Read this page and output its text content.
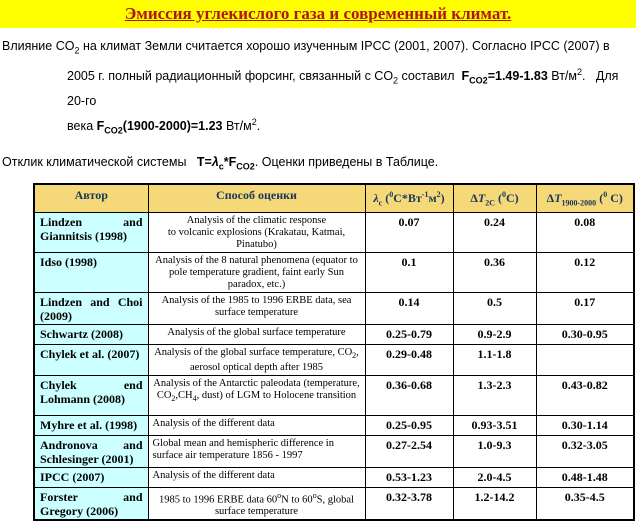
Эмиссия углекислого газа и современный климат.
Влияние $CO_2$ на климат Земли считается хорошо изученным IPCC (2001, 2007). Согласно IPCC (2007) в
2005 г. полный радиационный форсинг, связанный с $CO_2$ составил  $F_{CO2}=1.49-1.83$ $Вт/м^2$.   Для 20-го
века $F_{CO2}(1900-2000)=1.23$ $Вт/м^2$.
Отклик климатической системы   $T=\lambda_c*F_{CO2}$. Оценки приведены в Таблице.
Автор	Способ оценки	$\lambda_c$ $(^0C*Вт^{-1}м^2)$	$\Delta T_{2C}$ ($^0$C)	$\Delta T_{1900-2000}$ ($^0$ C)
Lindzen and Giannitsis (1998)	Analysis of the climatic response
to volcanic explosions (Krakatau, Katmai, Pinatubo)	0.07	0.24	0.08
Idso (1998)	Analysis of the 8 natural phenomena (equator to pole temperature gradient, faint early Sun paradox, etc.)	0.1	0.36	0.12
Lindzen and Choi (2009)	Analysis of the 1985 to 1996 ERBE data, sea surface temperature	0.14	0.5	0.17
Schwartz (2008)	Analysis of the global surface temperature	0.25-0.79	0.9-2.9	0.30-0.95
Chylek et al. (2007)	Analysis of the global surface temperature, $CO_2$, aerosol optical depth after 1985	0.29-0.48	1.1-1.8	
Chylek end Lohmann (2008)	Analysis of the Antarctic paleodata (temperature, $CO_2,CH_4$, dust) of LGM to Holocene transition	0.36-0.68	1.3-2.3	0.43-0.82
Myhre et al. (1998)	Analysis of the different data	0.25-0.95	0.93-3.51	0.30-1.14
Andronova and Schlesinger (2001)	Global mean and hemispheric difference in surface air temperature 1856 - 1997	0.27-2.54	1.0-9.3	0.32-3.05
IPCC (2007)	Analysis of the different data	0.53-1.23	2.0-4.5	0.48-1.48
Forster and Gregory (2006)	1985 to 1996 ERBE data 60$^o$N to 60$^o$S, global surface temperature	0.32-3.78	1.2-14.2	0.35-4.5
